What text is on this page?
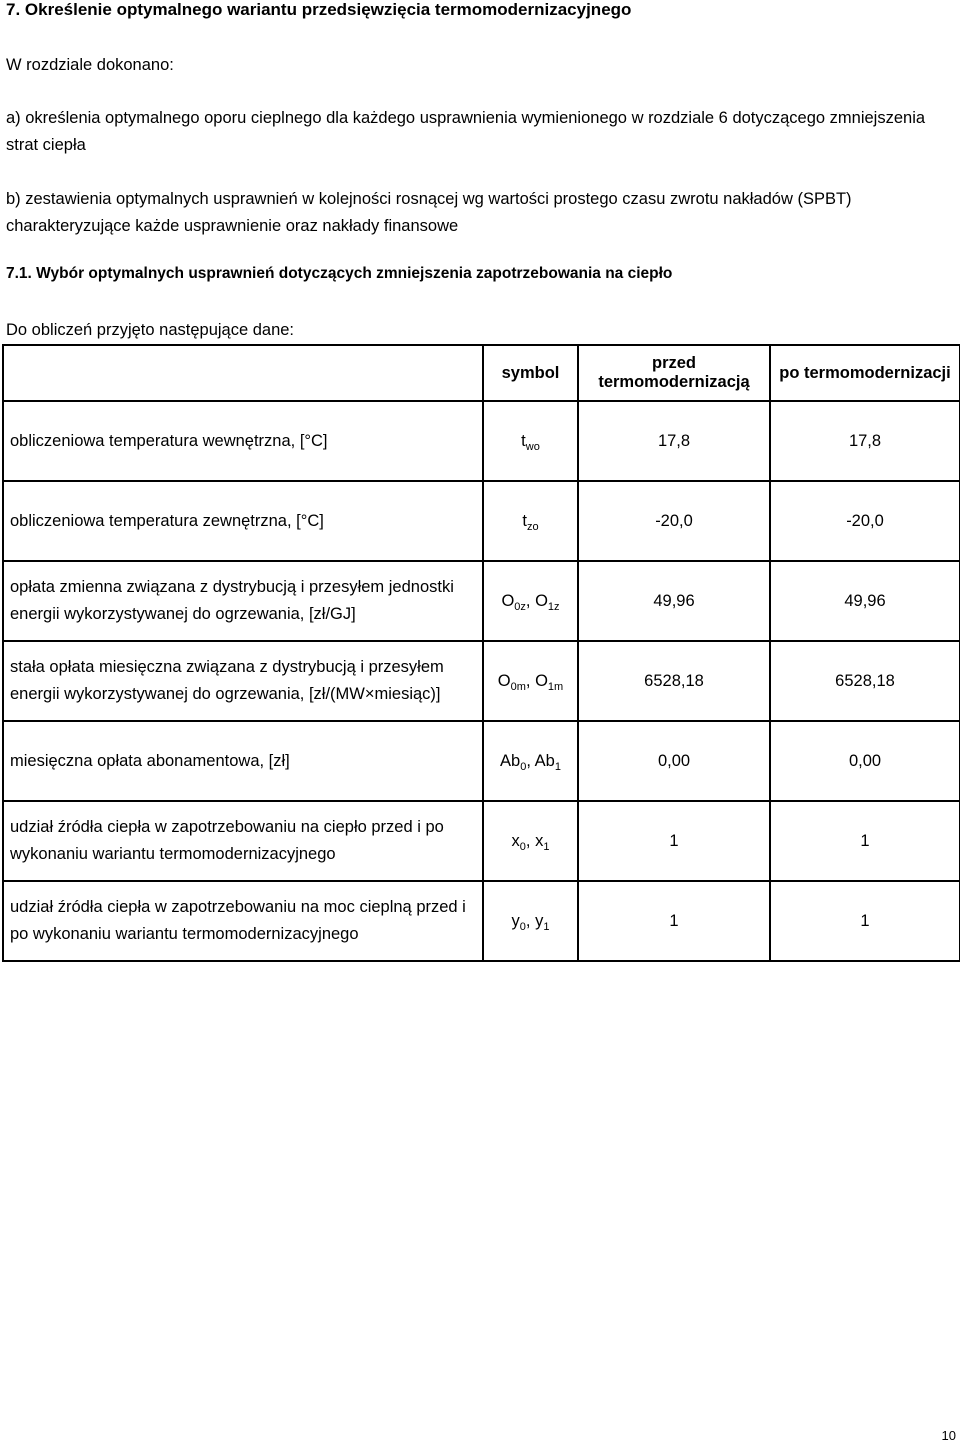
7. Określenie optymalnego wariantu przedsięwzięcia termomodernizacyjnego
W rozdziale dokonano:
a) określenia optymalnego oporu cieplnego dla każdego usprawnienia wymienionego w rozdziale 6 dotyczącego zmniejszenia strat ciepła
b) zestawienia optymalnych usprawnień w kolejności rosnącej wg wartości prostego czasu zwrotu nakładów (SPBT) charakteryzujące każde usprawnienie oraz nakłady finansowe
7.1. Wybór optymalnych usprawnień dotyczących zmniejszenia zapotrzebowania na ciepło
Do obliczeń przyjęto następujące dane:
	symbol	przed termomodernizacją	po termomodernizacji
obliczeniowa temperatura wewnętrzna, [°C]	$t_{wo}$	17,8	17,8
obliczeniowa temperatura zewnętrzna, [°C]	$t_{zo}$	-20,0	-20,0
opłata zmienna związana z dystrybucją i przesyłem jednostki energii wykorzystywanej do ogrzewania, [zł/GJ]	$O_{0z}$, $O_{1z}$	49,96	49,96
stała opłata miesięczna związana z dystrybucją i przesyłem energii wykorzystywanej do ogrzewania, [zł/(MW×miesiąc)]	$O_{0m}$, $O_{1m}$	6528,18	6528,18
miesięczna opłata abonamentowa, [zł]	$Ab_0$, $Ab_1$	0,00	0,00
udział źródła ciepła w zapotrzebowaniu na ciepło przed i po wykonaniu wariantu termomodernizacyjnego	$x_0$, $x_1$	1	1
udział źródła ciepła w zapotrzebowaniu na moc cieplną przed i po wykonaniu wariantu termomodernizacyjnego	$y_0$, $y_1$	1	1
10
